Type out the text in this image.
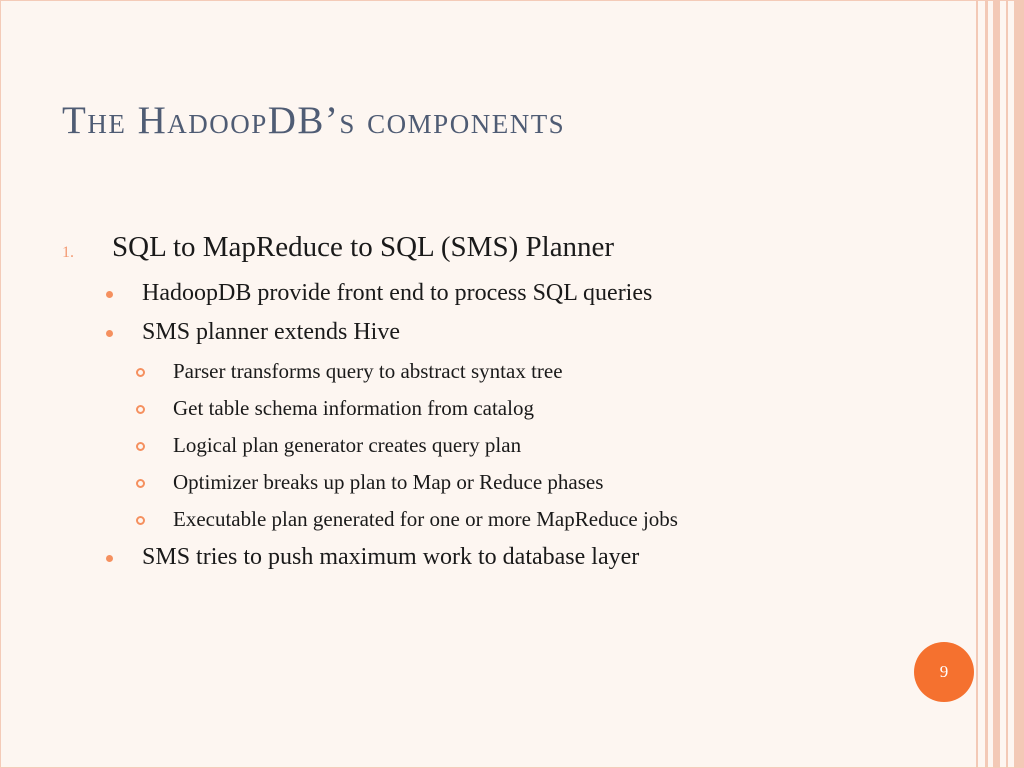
The HadoopDB’s components
1. SQL to MapReduce to SQL (SMS) Planner
HadoopDB provide front end to process SQL queries
SMS planner extends Hive
Parser transforms query to abstract syntax tree
Get table schema information from catalog
Logical plan generator creates query plan
Optimizer breaks up plan to Map or Reduce phases
Executable plan generated for one or more MapReduce jobs
SMS tries to push maximum work to database layer
9
